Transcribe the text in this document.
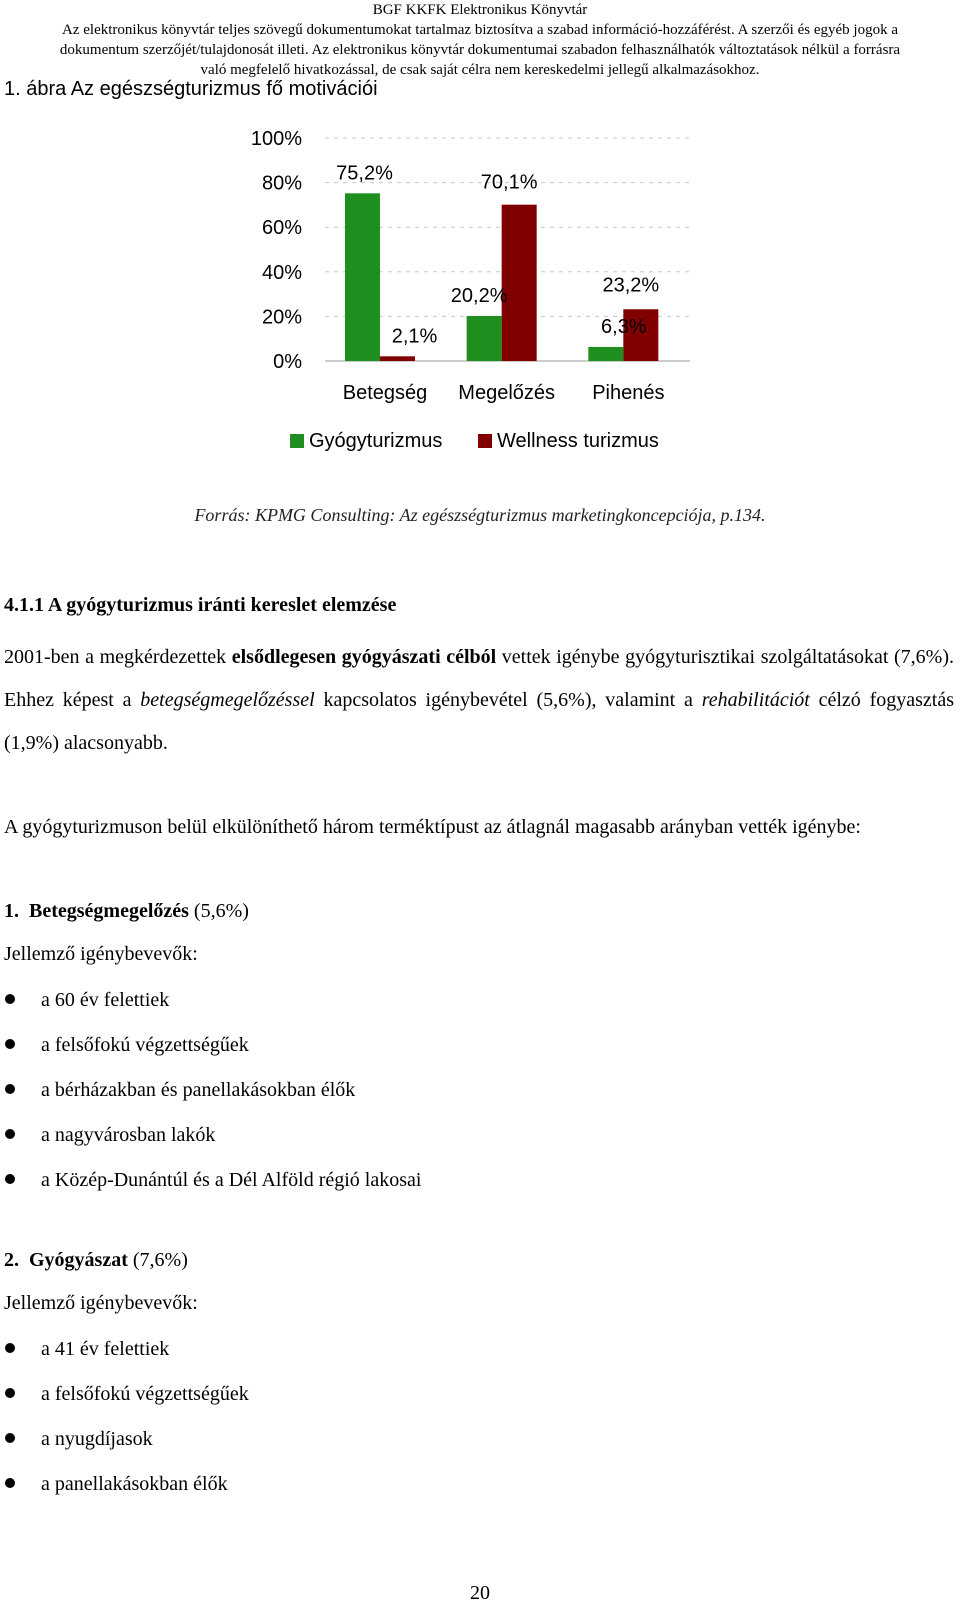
BGF KKFK Elektronikus Könyvtár
Az elektronikus könyvtár teljes szövegű dokumentumokat tartalmaz biztosítva a szabad információ-hozzáférést. A szerzői és egyéb jogok a
dokumentum szerzőjét/tulajdonosát illeti. Az elektronikus könyvtár dokumentumai szabadon felhasználhatók változtatások nélkül a forrásra
való megfelelő hivatkozással, de csak saját célra nem kereskedelmi jellegű alkalmazásokhoz.
1. ábra Az egészségturizmus fő motivációi
0%
20%
40%
60%
80%
100%
75,2%
20,2%
6,3%
2,1%
70,1%
23,2%
Betegség Megelőzés Pihenés
Gyógyturizmus	Wellness turizmus
Forrás: KPMG Consulting: Az egészségturizmus marketingkoncepciója, p.134.
4.1.1 A gyógyturizmus iránti kereslet elemzése

2001-ben a megkérdezettek elsődlegesen gyógyászati célból vettek igénybe gyógyturisztikai szolgáltatásokat (7,6%). Ehhez képest a betegségmegelőzéssel kapcsolatos igénybevétel (5,6%), valamint a rehabilitációt célzó fogyasztás (1,9%) alacsonyabb.

A gyógyturizmuson belül elkülöníthető három terméktípust az átlagnál magasabb arányban vették igénybe:

1. Betegségmegelőzés (5,6%)
Jellemző igénybevevők:
a 60 év felettiek
a felsőfokú végzettségűek
a bérházakban és panellakásokban élők
a nagyvárosban lakók
a Közép-Dunántúl és a Dél Alföld régió lakosai
2. Gyógyászat (7,6%)
Jellemző igénybevevők:
a 41 év felettiek
a felsőfokú végzettségűek
a nyugdíjasok
a panellakásokban élők
20
